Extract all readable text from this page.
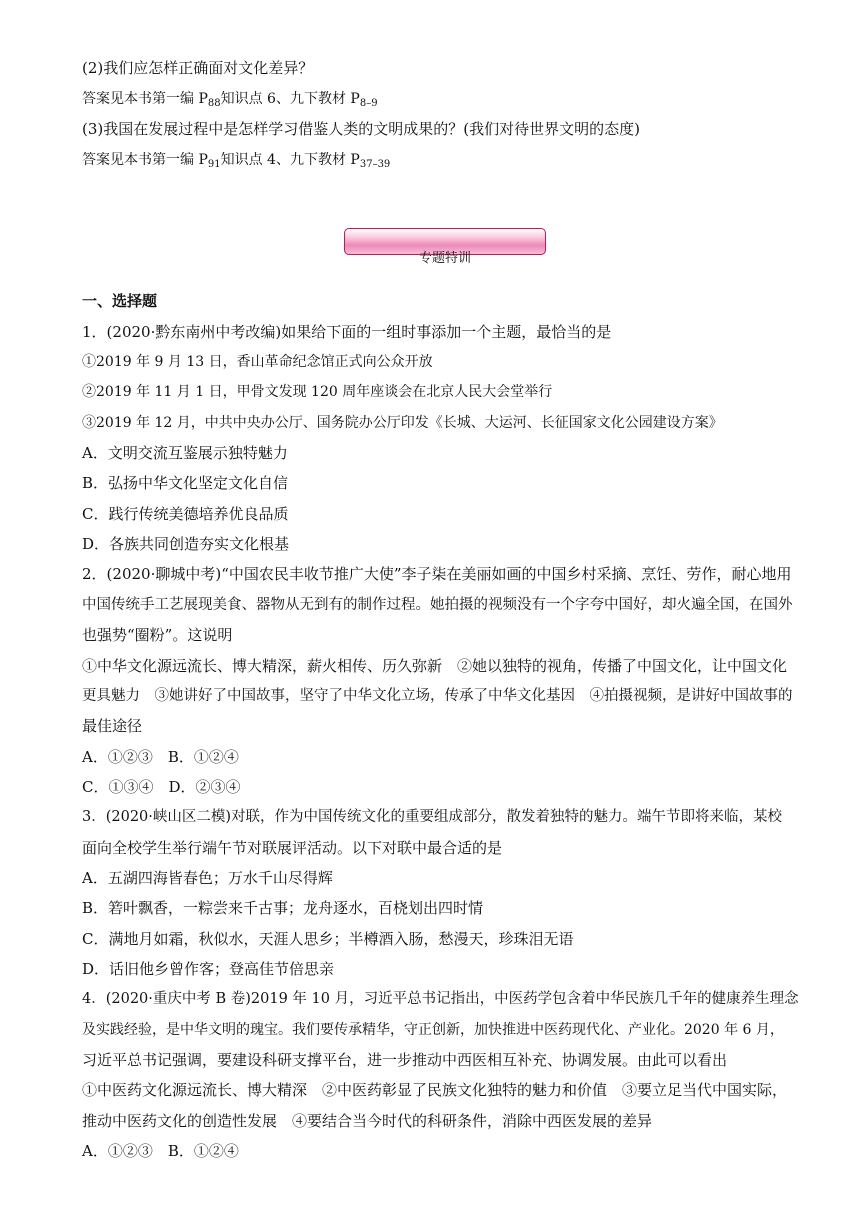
(2)我们应怎样正确面对文化差异？
答案见本书第一编 $P_{88}$知识点 6、九下教材 $P_{8-9}$
(3)我国在发展过程中是怎样学习借鉴人类的文明成果的？(我们对待世界文明的态度)
答案见本书第一编 $P_{91}$知识点 4、九下教材 $P_{37-39}$
专题特训
一、选择题
1．(2020·黔东南州中考改编)如果给下面的一组时事添加一个主题，最恰当的是
①2019 年 9 月 13 日，香山革命纪念馆正式向公众开放
②2019 年 11 月 1 日，甲骨文发现 120 周年座谈会在北京人民大会堂举行
③2019 年 12 月，中共中央办公厅、国务院办公厅印发《长城、大运河、长征国家文化公园建设方案》
A．文明交流互鉴展示独特魅力
B．弘扬中华文化坚定文化自信
C．践行传统美德培养优良品质
D．各族共同创造夯实文化根基
2．(2020·聊城中考)“中国农民丰收节推广大使”李子柒在美丽如画的中国乡村采摘、烹饪、劳作，耐心地用
中国传统手工艺展现美食、器物从无到有的制作过程。她拍摄的视频没有一个字夸中国好，却火遍全国，在国外
也强势“圈粉”。这说明
①中华文化源远流长、博大精深，薪火相传、历久弥新　②她以独特的视角，传播了中国文化，让中国文化
更具魅力　③她讲好了中国故事，坚守了中华文化立场，传承了中华文化基因　④拍摄视频，是讲好中国故事的
最佳途径
A．①②③　B．①②④
C．①③④　D．②③④
3．(2020·峡山区二模)对联，作为中国传统文化的重要组成部分，散发着独特的魅力。端午节即将来临，某校
面向全校学生举行端午节对联展评活动。以下对联中最合适的是
A．五湖四海皆春色；万水千山尽得辉
B．箬叶飘香，一粽尝来千古事；龙舟逐水，百桡划出四时情
C．满地月如霜，秋似水，天涯人思乡；半樽酒入肠，愁漫天，珍珠泪无语
D．话旧他乡曾作客；登高佳节倍思亲
4．(2020·重庆中考 B 卷)2019 年 10 月，习近平总书记指出，中医药学包含着中华民族几千年的健康养生理念
及实践经验，是中华文明的瑰宝。我们要传承精华，守正创新，加快推进中医药现代化、产业化。2020 年 6 月，
习近平总书记强调，要建设科研支撑平台，进一步推动中西医相互补充、协调发展。由此可以看出
①中医药文化源远流长、博大精深　②中医药彰显了民族文化独特的魅力和价值　③要立足当代中国实际，
推动中医药文化的创造性发展　④要结合当今时代的科研条件，消除中西医发展的差异
A．①②③　B．①②④
